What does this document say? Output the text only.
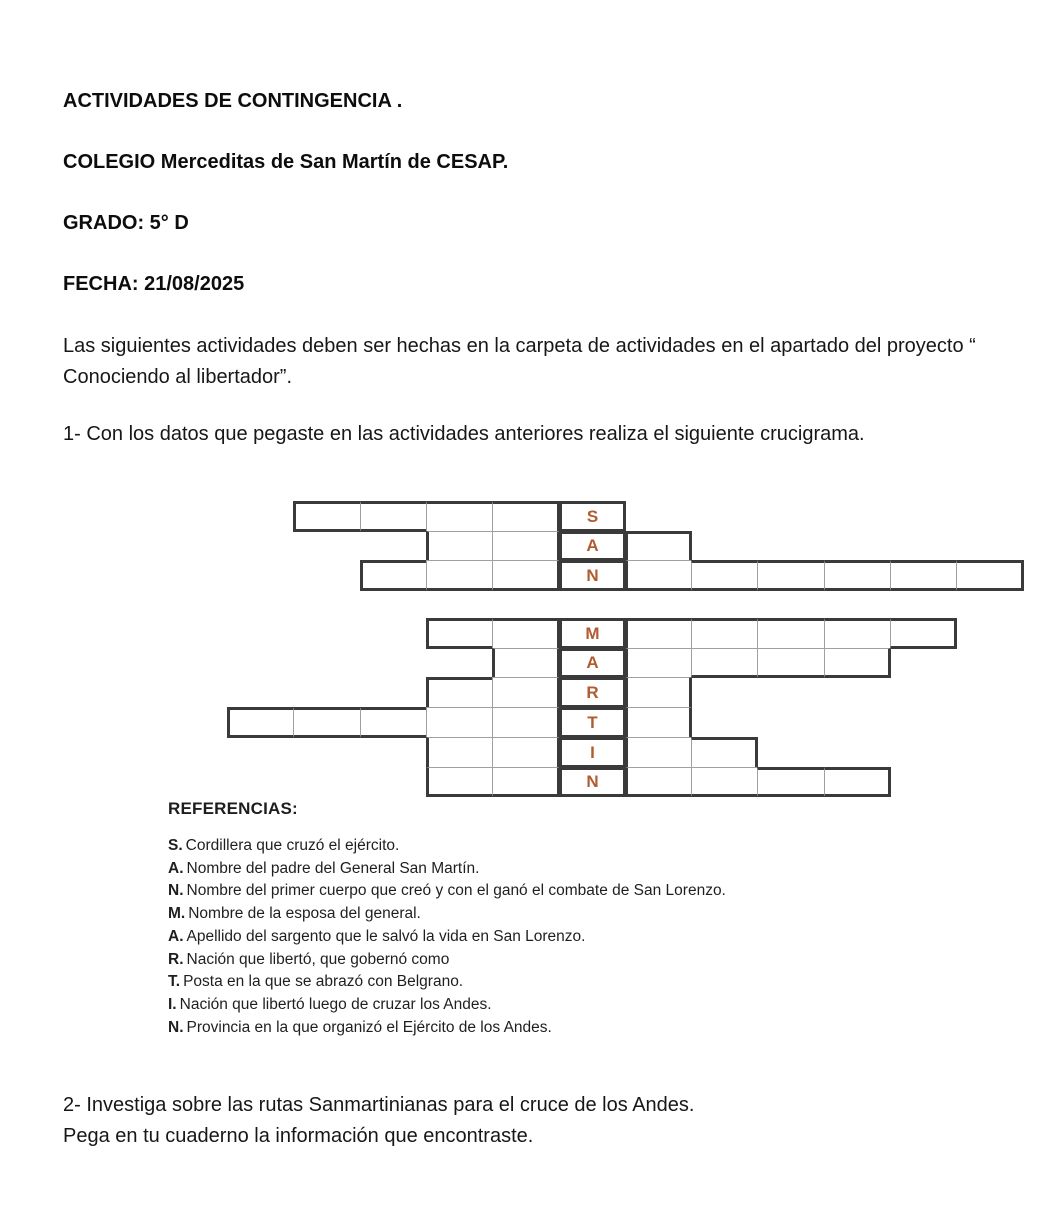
ACTIVIDADES DE CONTINGENCIA .
COLEGIO Merceditas de San Martín de CESAP.
GRADO: 5° D
FECHA: 21/08/2025
Las siguientes actividades deben ser hechas en la carpeta de actividades en el apartado del proyecto “ Conociendo al libertador”.
1- Con los datos que pegaste en las actividades anteriores realiza el siguiente crucigrama.
S
A
N
M
A
R
T
I
N
REFERENCIAS:
S. Cordillera que cruzó el ejército.
A. Nombre del padre del General San Martín.
N. Nombre del primer cuerpo que creó y con el ganó el combate de San Lorenzo.
M. Nombre de la esposa del general.
A. Apellido del sargento que le salvó la vida en San Lorenzo.
R. Nación que libertó, que gobernó como
T. Posta en la que se abrazó con Belgrano.
I. Nación que libertó luego de cruzar los Andes.
N. Provincia en la que organizó el Ejército de los Andes.
2- Investiga sobre las rutas Sanmartinianas para el cruce de los Andes.
Pega en tu cuaderno la información que encontraste.
